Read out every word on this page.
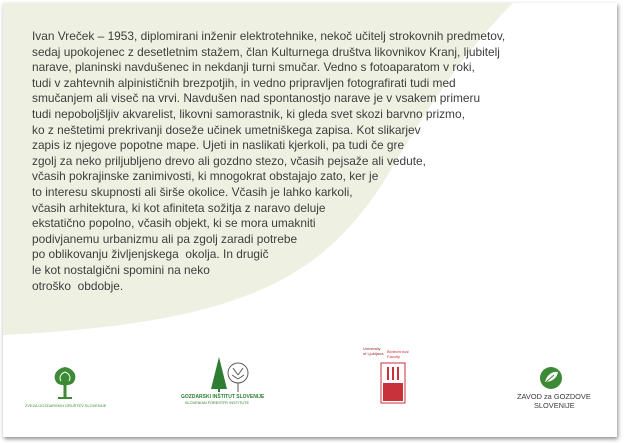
Ivan Vreček – 1953, diplomirani inženir elektrotehnike, nekoč učitelj strokovnih predmetov,
sedaj upokojenec z desetletnim stažem, član Kulturnega društva likovnikov Kranj, ljubitelj
narave, planinski navdušenec in nekdanji turni smučar. Vedno s fotoaparatom v roki,
tudi v zahtevnih alpinističnih brezpotjih, in vedno pripravljen fotografirati tudi med
smučanjem ali viseč na vrvi. Navdušen nad spontanostjo narave je v vsakem primeru
tudi nepobolјšljiv akvarelist, likovni samorastnik, ki gleda svet skozi barvno prizmo,
ko z neštetimi prekrivanji doseže učinek umetniškega zapisa. Kot slikarjev
zapis iz njegove popotne mape. Ujeti in naslikati kjerkoli, pa tudi če gre
zgolj za neko priljubljeno drevo ali gozdno stezo, včasih pejsaže ali vedute,
včasih pokrajinske zanimivosti, ki mnogokrat obstajajo zato, ker je
to interesu skupnosti ali širše okolice. Včasih je lahko karkoli,
včasih arhitektura, ki kot afiniteta sožitja z naravo deluje
ekstatično popolno, včasih objekt, ki se mora umakniti
podivjanemu urbanizmu ali pa zgolj zaradi potrebe
po oblikovanju življenjskega  okolja. In drugič
le kot nostalgični spomini na neko
otroško  obdobje.
ZVEZA GOZDARSKIH DRUŠTEV SLOVENIJE
GOZDARSKI INŠTITUT SLOVENIJE
SLOVENIAN FORESTRY INSTITUTE
University
of Ljubljana Biotechnical
Faculty
ZAVOD za GOZDOVE
SLOVENIJE
